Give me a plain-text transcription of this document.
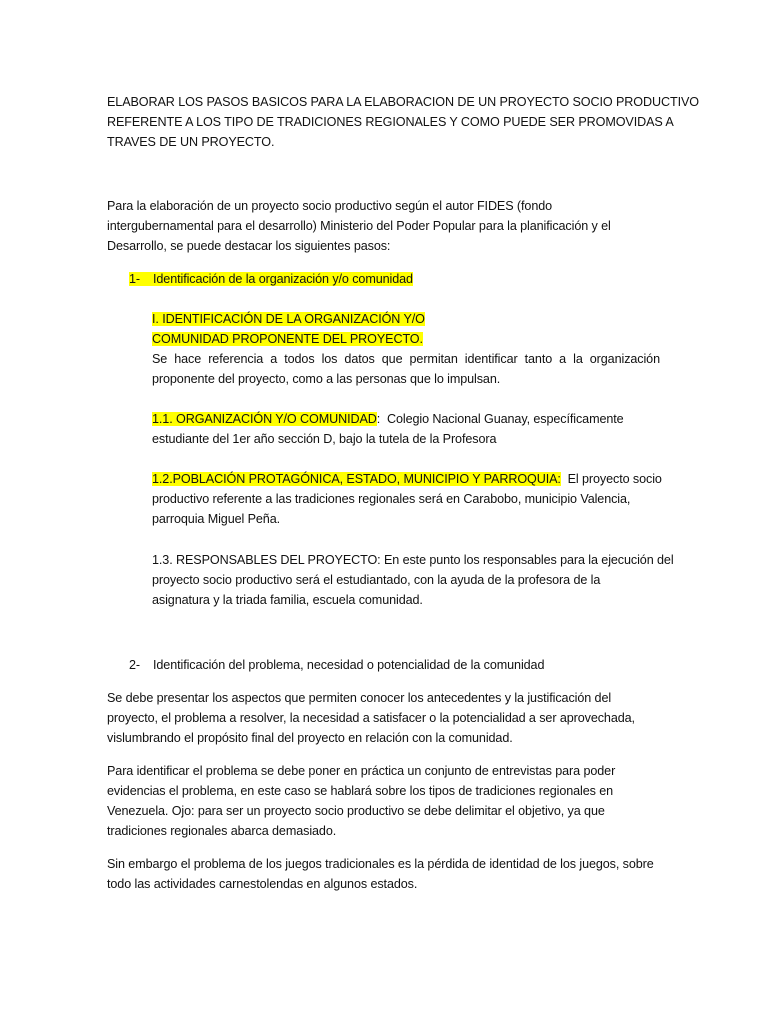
ELABORAR LOS PASOS BASICOS PARA LA ELABORACION DE UN PROYECTO SOCIO PRODUCTIVO
REFERENTE A LOS TIPO DE TRADICIONES REGIONALES Y COMO PUEDE SER PROMOVIDAS A
TRAVES DE UN PROYECTO.
Para la elaboración de un proyecto socio productivo según el autor FIDES (fondo
intergubernamental para el desarrollo) Ministerio del Poder Popular para la planificación y el
Desarrollo, se puede destacar los siguientes pasos:
1- Identificación de la organización y/o comunidad
I. IDENTIFICACIÓN DE LA ORGANIZACIÓN Y/O
COMUNIDAD PROPONENTE DEL PROYECTO.
Se hace referencia a todos los datos que permitan identificar tanto a la organización proponente del proyecto, como a las personas que lo impulsan.
1.1. ORGANIZACIÓN Y/O COMUNIDAD:  Colegio Nacional Guanay, específicamente
estudiante del 1er año sección D, bajo la tutela de la Profesora
1.2.POBLACIÓN PROTAGÓNICA, ESTADO, MUNICIPIO Y PARROQUIA:  El proyecto socio
productivo referente a las tradiciones regionales será en Carabobo, municipio Valencia,
parroquia Miguel Peña.
1.3. RESPONSABLES DEL PROYECTO: En este punto los responsables para la ejecución del
proyecto socio productivo será el estudiantado, con la ayuda de la profesora de la
asignatura y la triada familia, escuela comunidad.
2- Identificación del problema, necesidad o potencialidad de la comunidad
Se debe presentar los aspectos que permiten conocer los antecedentes y la justificación del
proyecto, el problema a resolver, la necesidad a satisfacer o la potencialidad a ser aprovechada,
vislumbrando el propósito final del proyecto en relación con la comunidad.
Para identificar el problema se debe poner en práctica un conjunto de entrevistas para poder
evidencias el problema, en este caso se hablará sobre los tipos de tradiciones regionales en
Venezuela. Ojo: para ser un proyecto socio productivo se debe delimitar el objetivo, ya que
tradiciones regionales abarca demasiado.
Sin embargo el problema de los juegos tradicionales es la pérdida de identidad de los juegos, sobre
todo las actividades carnestolendas en algunos estados.
